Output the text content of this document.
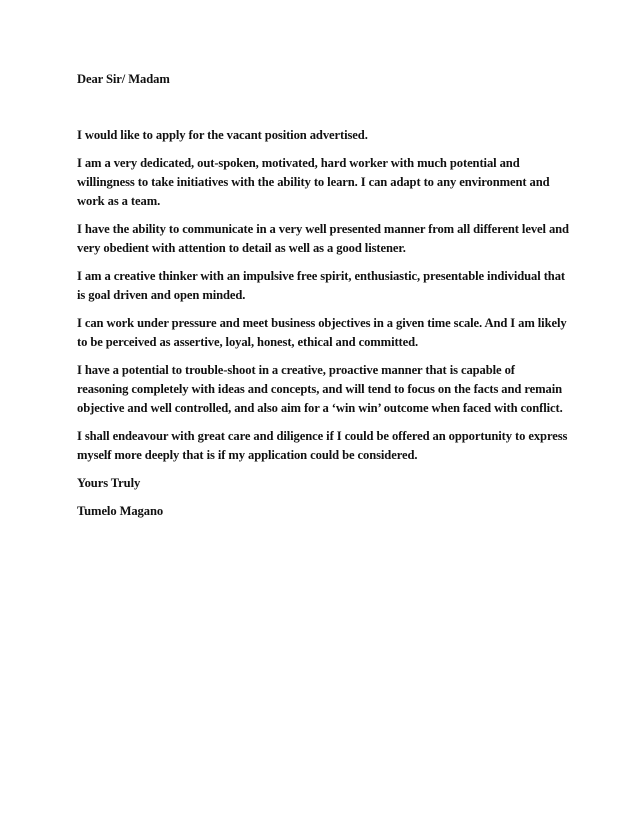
Dear Sir/ Madam

I would like to apply for the vacant position advertised.

I am a very dedicated, out-spoken, motivated, hard worker with much potential and willingness to take initiatives with the ability to learn. I can adapt to any environment and work as a team.

I have the ability to communicate in a very well presented manner from all different level and very obedient with attention to detail as well as a good listener.

I am a creative thinker with an impulsive free spirit, enthusiastic, presentable individual that is goal driven and open minded.

I can work under pressure and meet business objectives in a given time scale. And I am likely to be perceived as assertive, loyal, honest, ethical and committed.

I have a potential to trouble-shoot in a creative, proactive manner that is capable of reasoning completely with ideas and concepts, and will tend to focus on the facts and remain objective and well controlled, and also aim for a ‘win win’ outcome when faced with conflict.

I shall endeavour with great care and diligence if I could be offered an opportunity to express myself more deeply that is if my application could be considered.

Yours Truly

Tumelo Magano
